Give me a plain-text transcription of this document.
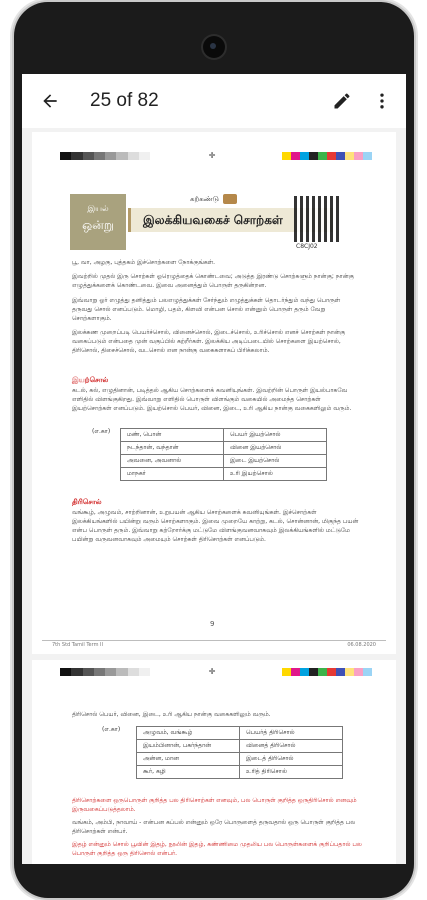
25 of 82
✛
இயல்
ஒன்று
கற்கண்டு
இலக்கியவகைச் சொற்கள்
C8CJ02
பூ, வா, அழகு, புத்தகம் இச்சொற்களை நோக்குங்கள்.
இவற்றில் முதல் இரு சொற்கள் ஓரெழுத்தைக் கொண்டவை; அடுத்த இரண்டு சொற்களும் நான்கு; நான்கு எழுத்துக்களைக் கொண்டவை. இவை அனைத்தும் பொருள் தருகின்றன.
இவ்வாறு ஓர் எழுத்து தனித்தும் பலஎழுத்துக்கள் சேர்ந்தும் எழுத்துக்கள் தொடர்ந்தும் வந்து பொருள் தருவது சொல் எனப்படும். மொழி, பதம், கிளவி என்பன சொல் என்னும் பொருள் தரும் வேறு சொற்களாகும்.
இலக்கண முறைப்படி பெயர்ச்சொல், வினைச்சொல், இடைச்சொல், உரிச்சொல் எனச் சொற்கள் நான்கு வகைப்படும் என்பதை முன் வகுப்பில் கற்றீர்கள். இலக்கிய அடிப்படையில் சொற்களை இயற்சொல், திரிசொல், திசைச்சொல், வடசொல் என நான்கு வகைகளாகப் பிரிக்கலாம்.
இயற்சொல்
கடல், கல், எழுதினான், படித்தல் ஆகிய சொற்களைக் கவனியுங்கள். இவற்றின் பொருள் இயல்பாகவே எளிதில் விளங்குகிறது. இவ்வாறு எளிதில் பொருள் விளங்கும் வகையில் அமைந்த சொற்கள் இயற்சொற்கள் எனப்படும். இயற்சொல் பெயர், வினை, இடை, உரி ஆகிய நான்கு வகைகளிலும் வரும்.
(எ.கா)	மண், பொன்	பெயர் இயற்சொல்
நடந்தான், வந்தான்	வினை இயற்சொல்
அவனை, அவனால்	இடை இயற்சொல்
மாநகர்	உரி இயற்சொல்
திரிசொல்
வங்கூழ், அழுவம், சாற்றினான், உறுபயன் ஆகிய சொற்களைக் கவனியுங்கள். இச்சொற்கள் இலக்கியங்களில் பயின்று வரும் சொற்களாகும். இவை முறையே காற்று, கடல், சொன்னான், மிகுந்த பயன் என்ப பொருள் தரும். இவ்வாறு கற்றோர்க்கு மட்டுமே விளங்குவனவாகவும் இலக்கியங்களில் மட்டுமே பயின்று வருவனவாகவும் அமையும் சொற்கள் திரிசொற்கள் எனப்படும்.
9
7th Std Tamil Term II	06.08.2020
✛
திரிசொல் பெயர், வினை, இடை, உரி ஆகிய நான்கு வகைகளிலும் வரும்.
(எ.கா)	அழுவம், வங்கூழ்	பெயர்த் திரிசொல்
இயம்பினான், பகர்ந்தான்	வினைத் திரிசொல்
அன்ன, மான	இடைத் திரிசொல்
கூர், கழி	உரித் திரிசொல்
திரிசொற்களை ஒருபொருள் குறித்த பல திரிசொற்கள் எனவும், பல பொருள் குறித்த ஒருதிரிசொல் எனவும் இருவகைப்படுத்தலாம்.
வங்கம், அம்பி, நாவாய் - என்பன கப்பல் என்னும் ஒரே பொருளைத் தருவதால் ஒரு பொருள் குறித்த பல திரிசொற்கள் என்பர்.
இதழ் என்னும் சொல் பூவின் இதழ், நூலின் இதழ், கண்ணிமை முதலிய பல பொருள்களைக் குறிப்பதால் பல பொருள் குறித்த ஒரு திரிசொல் என்பர்.
